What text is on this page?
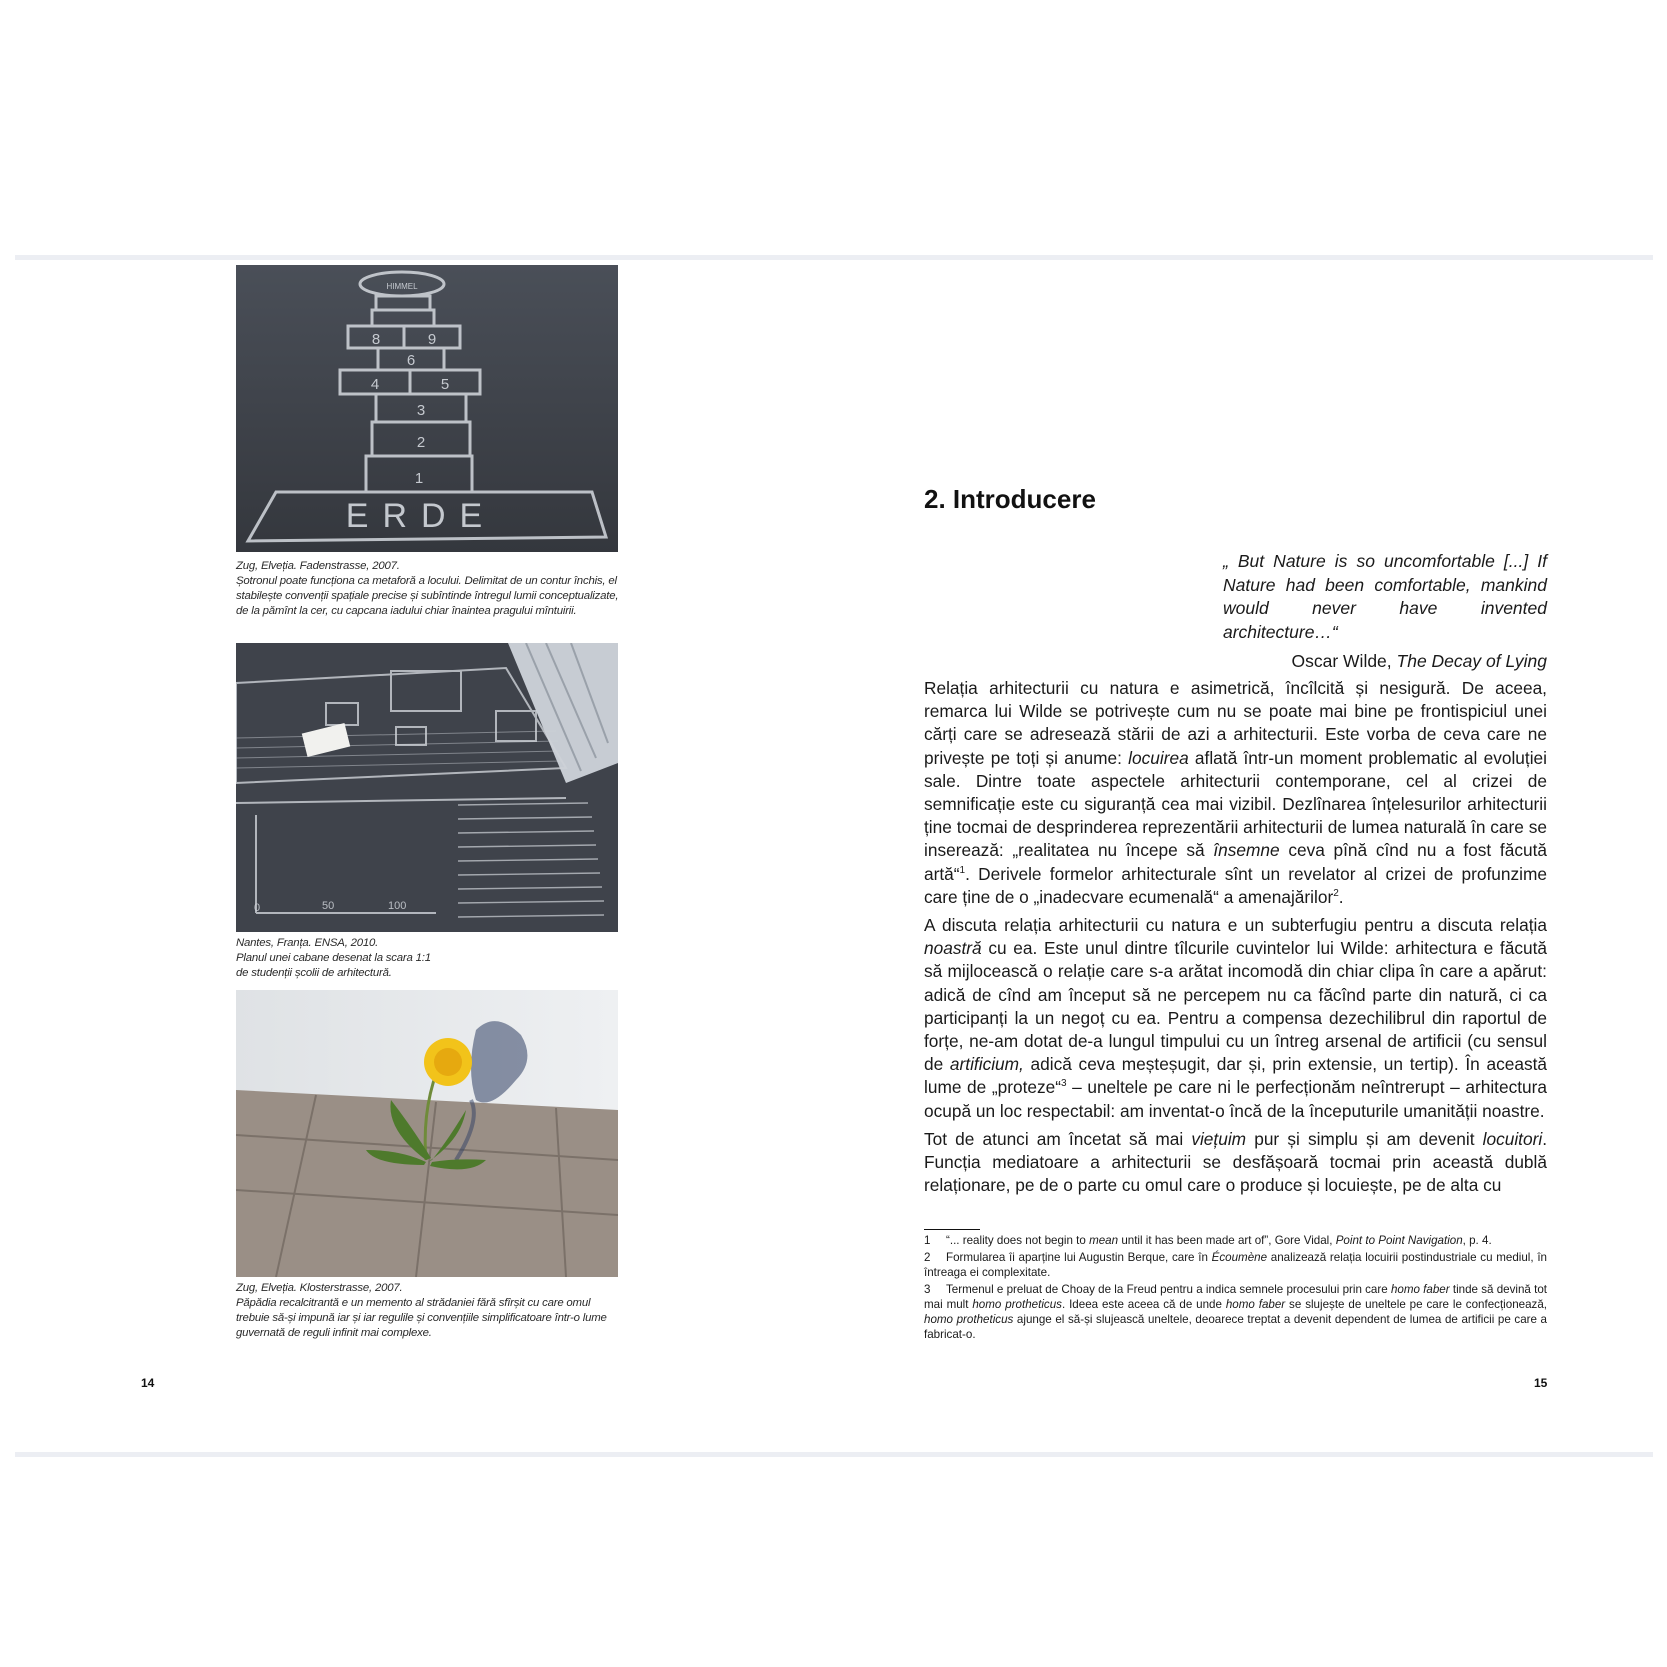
HIMMEL
8	9
6
4	5
3
2
1
ERDE

Zug, Elveția. Fadenstrasse, 2007.

Șotronul poate funcționa ca metaforă a locului. Delimitat de un contur închis, el stabilește convenții spațiale precise și subîntinde întregul lumii conceptualizate, de la pămînt la cer, cu capcana iadului chiar înaintea pragului mîntuirii.

0	50	100

Nantes, Franța. ENSA, 2010.

Planul unei cabane desenat la scara 1:1

de studenții școlii de arhitectură.

Zug, Elveția. Klosterstrasse, 2007.

Păpădia recalcitrantă e un memento al strădaniei fără sfîrșit cu care omul trebuie să-și impună iar și iar regulile și convențiile simplificatoare într-o lume guvernată de reguli infinit mai complexe.

14
2. Introducere

„ But Nature is so uncomfortable [...] If Nature had been comfortable, mankind would never have invented architecture…“

Oscar Wilde, The Decay of Lying

Relația arhitecturii cu natura e asimetrică, încîlcită și nesigură. De aceea, remarca lui Wilde se potrivește cum nu se poate mai bine pe frontispiciul unei cărți care se adresează stării de azi a arhitecturii. Este vorba de ceva care ne privește pe toți și anume: locuirea aflată într-un moment problematic al evoluției sale. Dintre toate aspectele arhitecturii contemporane, cel al crizei de semnificație este cu siguranță cea mai vizibil. Dezlînarea înțelesurilor arhitecturii ține tocmai de desprinderea reprezentării arhitecturii de lumea naturală în care se inserează: „realitatea nu începe să însemne ceva pînă cînd nu a fost făcută artă“$^1$. Derivele formelor arhitecturale sînt un revelator al crizei de profunzime care ține de o „inadecvare ecumenală“ a amenajărilor$^2$.

A discuta relația arhitecturii cu natura e un subterfugiu pentru a discuta relația noastră cu ea. Este unul dintre tîlcurile cuvintelor lui Wilde: arhitectura e făcută să mijlocească o relație care s-a arătat incomodă din chiar clipa în care a apărut: adică de cînd am început să ne percepem nu ca făcînd parte din natură, ci ca participanți la un negoț cu ea. Pentru a compensa dezechilibrul din raportul de forțe, ne-am dotat de-a lungul timpului cu un întreg arsenal de artificii (cu sensul de artificium, adică ceva meșteșugit, dar și, prin extensie, un tertip). În această lume de „proteze“$^3$ – uneltele pe care ni le perfecționăm neîntrerupt – arhitectura ocupă un loc respectabil: am inventat-o încă de la începuturile umanității noastre.

Tot de atunci am încetat să mai viețuim pur și simplu și am devenit locuitori. Funcția mediatoare a arhitecturii se desfășoară tocmai prin această dublă relaționare, pe de o parte cu omul care o produce și locuiește, pe de alta cu

1 “... reality does not begin to mean until it has been made art of”, Gore Vidal, Point to Point Navigation, p. 4.

2 Formularea îi aparține lui Augustin Berque, care în Écoumène analizează relația locuirii postindustriale cu mediul, în întreaga ei complexitate.

3 Termenul e preluat de Choay de la Freud pentru a indica semnele procesului prin care homo faber tinde să devină tot mai mult homo protheticus. Ideea este aceea că de unde homo faber se slujește de uneltele pe care le confecționează, homo protheticus ajunge el să-și slujească uneltele, deoarece treptat a devenit dependent de lumea de artificii pe care a fabricat-o.

15
